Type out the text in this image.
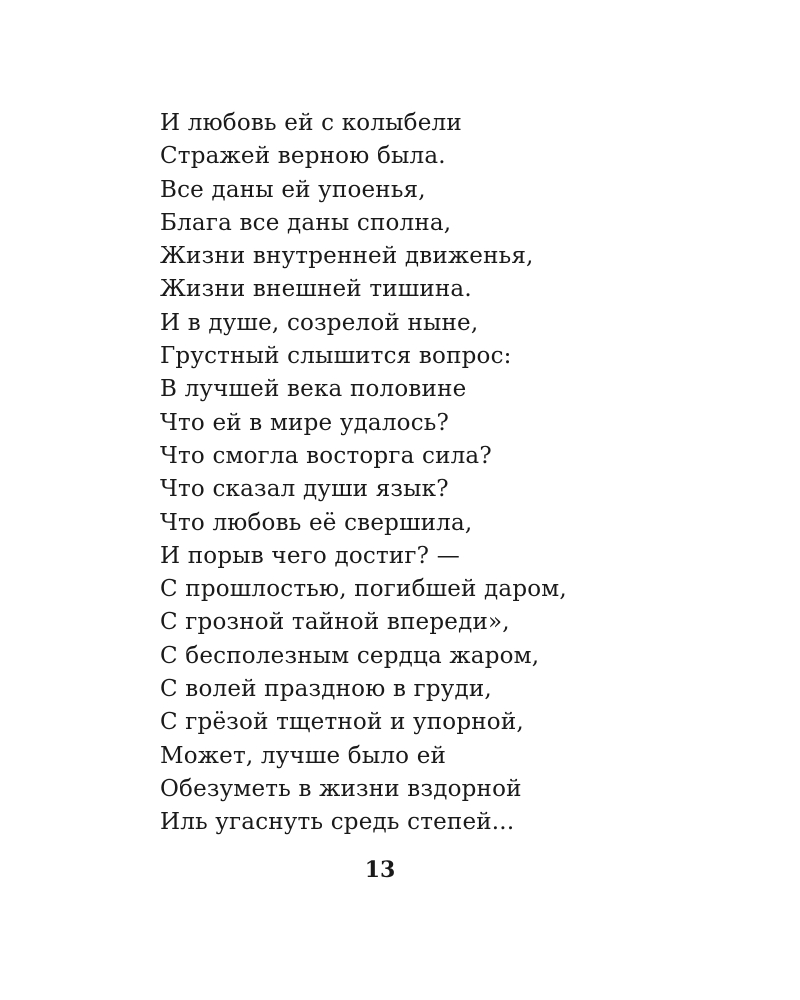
И любовь ей с колыбели
Стражей верною была.
Все даны ей упоенья,
Блага все даны сполна,
Жизни внутренней движенья,
Жизни внешней тишина.
И в душе, созрелой ныне,
Грустный слышится вопрос:
В лучшей века половине
Что ей в мире удалось?
Что смогла восторга сила?
Что сказал души язык?
Что любовь её свершила,
И порыв чего достиг? —
С прошлостью, погибшей даром,
С грозной тайной впереди»,
С бесполезным сердца жаром,
С волей праздною в груди,
С грёзой тщетной и упорной,
Может, лучше было ей
Обезуметь в жизни вздорной
Иль угаснуть средь степей...
13
